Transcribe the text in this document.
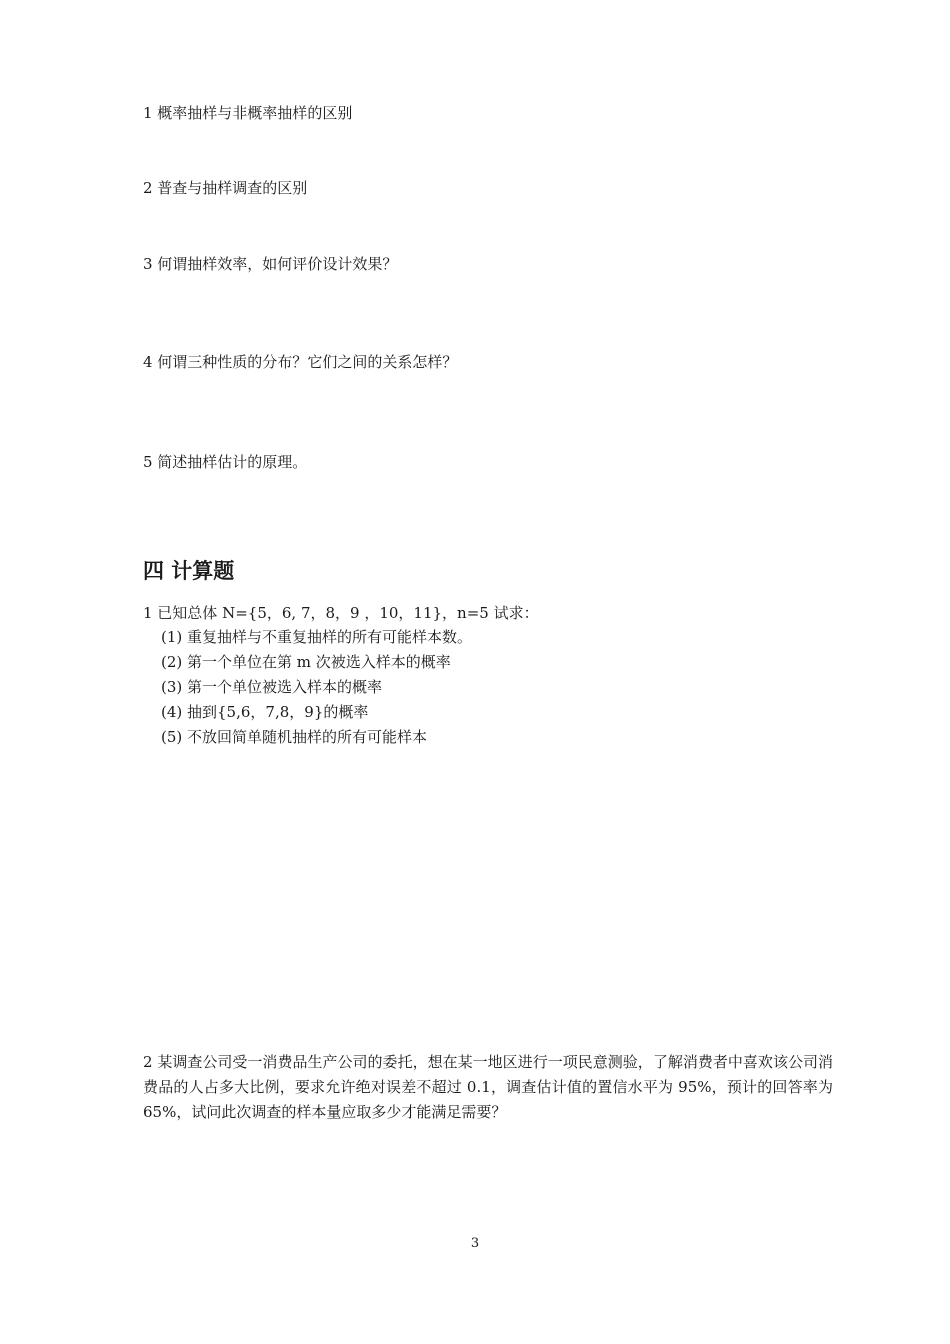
1 概率抽样与非概率抽样的区别
2 普查与抽样调查的区别
3 何谓抽样效率，如何评价设计效果？
4 何谓三种性质的分布？它们之间的关系怎样？
5 简述抽样估计的原理。
四 计算题
1 已知总体 N={5，6, 7，8，9 ，10，11}，n=5 试求：
(1) 重复抽样与不重复抽样的所有可能样本数。
(2) 第一个单位在第 m 次被选入样本的概率
(3) 第一个单位被选入样本的概率
(4) 抽到{5,6，7,8，9}的概率
(5) 不放回简单随机抽样的所有可能样本
2 某调查公司受一消费品生产公司的委托，想在某一地区进行一项民意测验，了解消费者中喜欢该公司消费品的人占多大比例，要求允许绝对误差不超过 0.1，调查估计值的置信水平为 95%，预计的回答率为 65%，试问此次调查的样本量应取多少才能满足需要？
3
